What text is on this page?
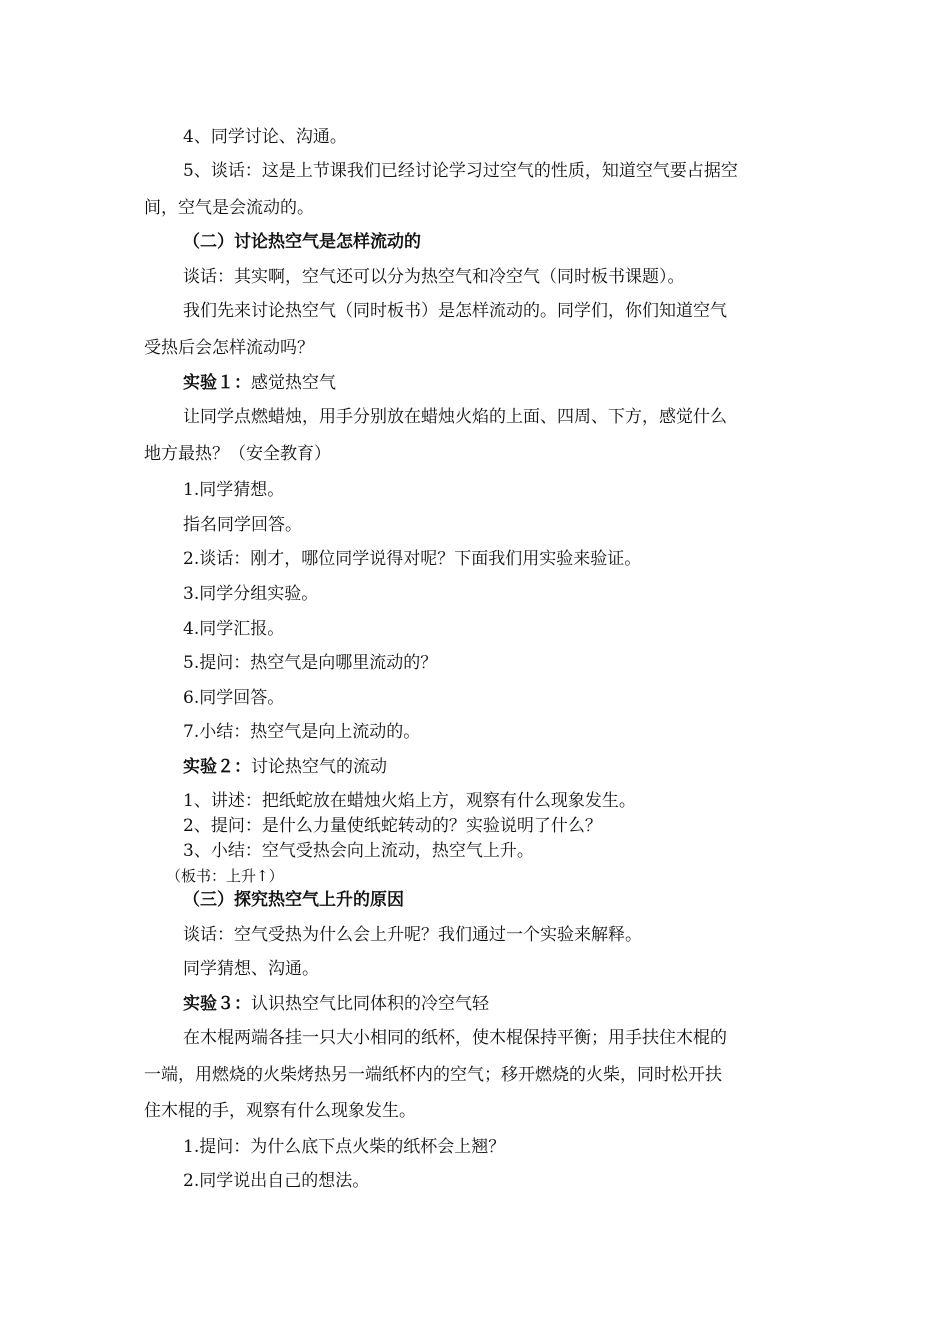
4、同学讨论、沟通。
5、谈话：这是上节课我们已经讨论学习过空气的性质，知道空气要占据空
间，空气是会流动的。
（二）讨论热空气是怎样流动的
谈话：其实啊，空气还可以分为热空气和冷空气（同时板书课题）。
我们先来讨论热空气（同时板书）是怎样流动的。同学们，你们知道空气
受热后会怎样流动吗？
实验１：感觉热空气
让同学点燃蜡烛，用手分别放在蜡烛火焰的上面、四周、下方，感觉什么
地方最热？（安全教育）
1.同学猜想。
指名同学回答。
2.谈话：刚才，哪位同学说得对呢？下面我们用实验来验证。
3.同学分组实验。
4.同学汇报。
5.提问：热空气是向哪里流动的？
6.同学回答。
7.小结：热空气是向上流动的。
实验２：讨论热空气的流动
1、讲述：把纸蛇放在蜡烛火焰上方，观察有什么现象发生。
2、提问：是什么力量使纸蛇转动的？实验说明了什么？
3、小结：空气受热会向上流动，热空气上升。
（板书：上升↑）
（三）探究热空气上升的原因
谈话：空气受热为什么会上升呢？我们通过一个实验来解释。
同学猜想、沟通。
实验３：认识热空气比同体积的冷空气轻
在木棍两端各挂一只大小相同的纸杯，使木棍保持平衡；用手扶住木棍的
一端，用燃烧的火柴烤热另一端纸杯内的空气；移开燃烧的火柴，同时松开扶
住木棍的手，观察有什么现象发生。
1.提问：为什么底下点火柴的纸杯会上翘？
2.同学说出自己的想法。
